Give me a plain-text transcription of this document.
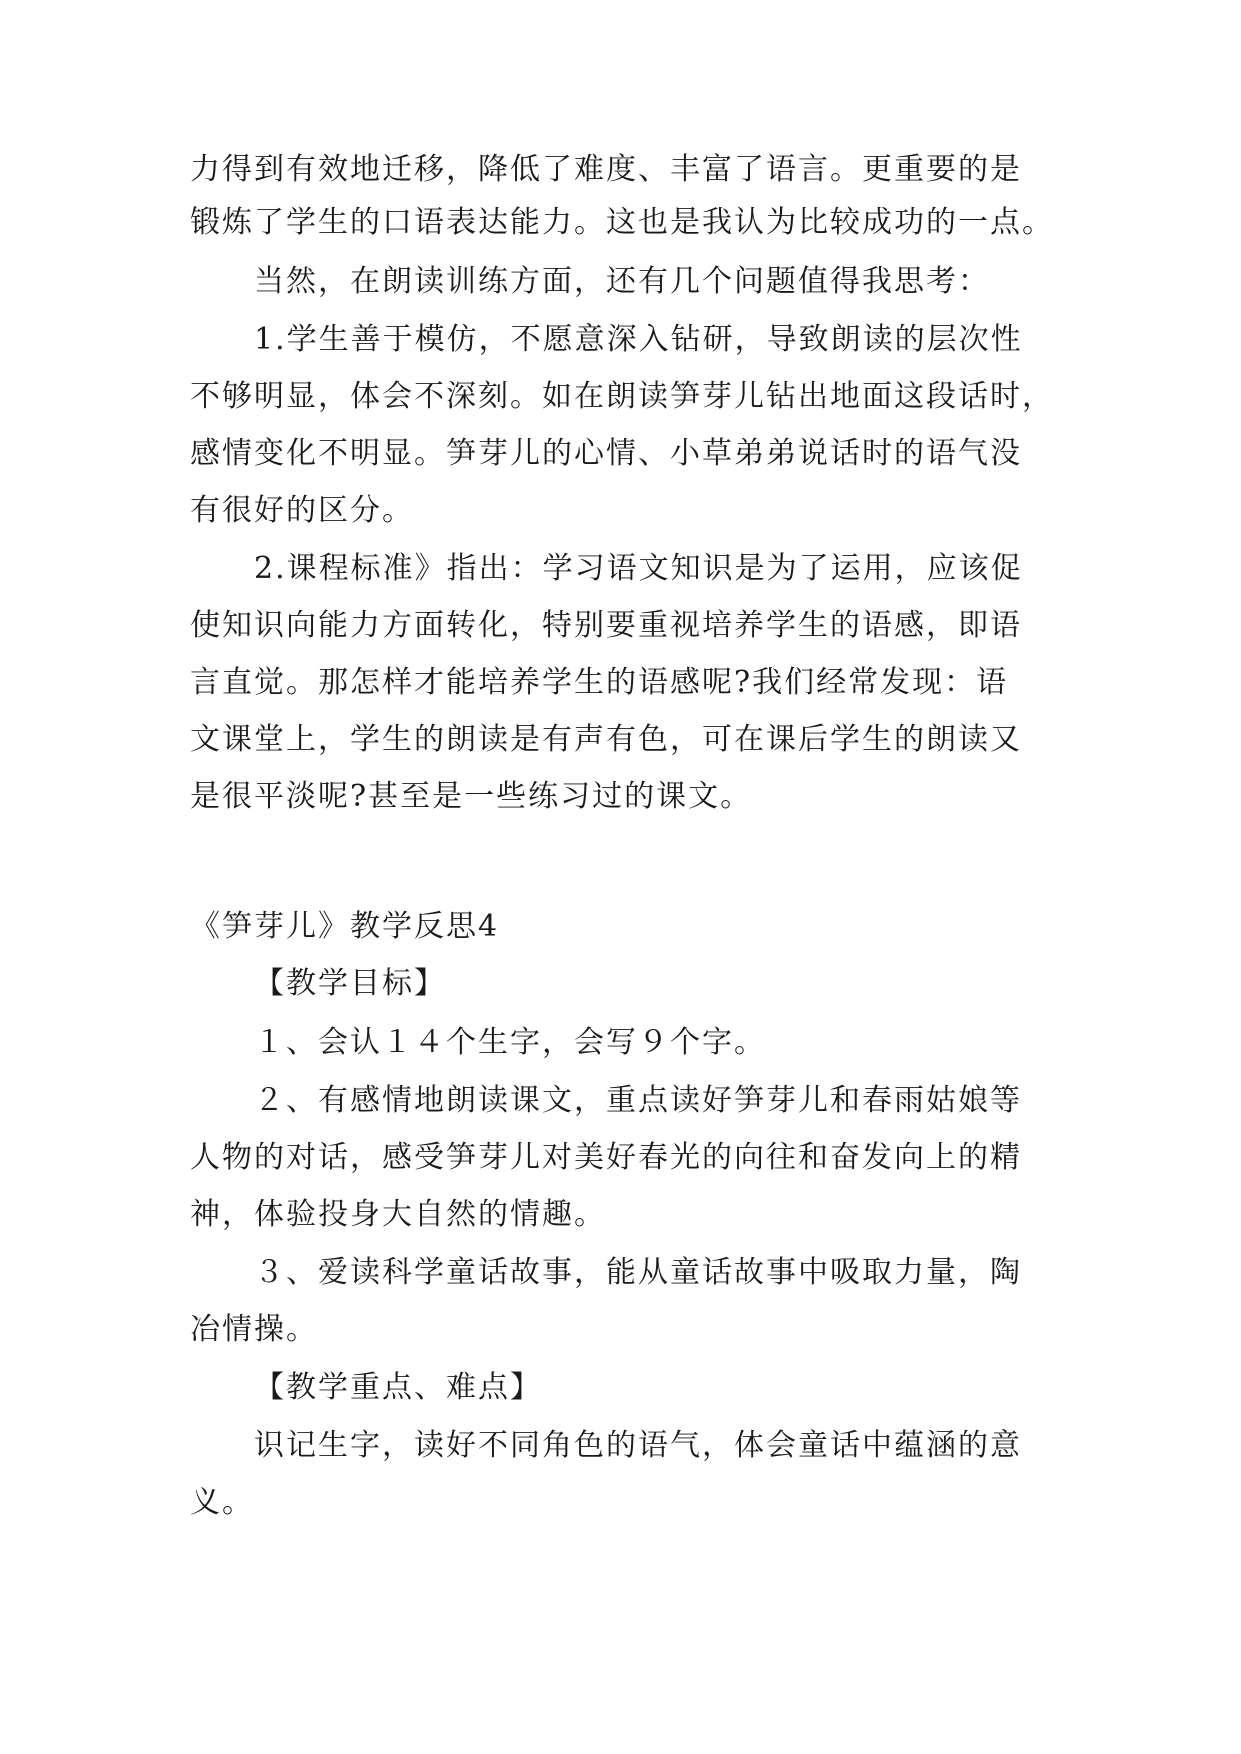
力得到有效地迁移，降低了难度、丰富了语言。更重要的是
锻炼了学生的口语表达能力。这也是我认为比较成功的一点。
当然，在朗读训练方面，还有几个问题值得我思考：
1.学生善于模仿，不愿意深入钻研，导致朗读的层次性
不够明显，体会不深刻。如在朗读笋芽儿钻出地面这段话时，
感情变化不明显。笋芽儿的心情、小草弟弟说话时的语气没
有很好的区分。
2.课程标准》指出：学习语文知识是为了运用，应该促
使知识向能力方面转化，特别要重视培养学生的语感，即语
言直觉。那怎样才能培养学生的语感呢?我们经常发现：语
文课堂上，学生的朗读是有声有色，可在课后学生的朗读又
是很平淡呢?甚至是一些练习过的课文。
《笋芽儿》教学反思4
【教学目标】
１、会认１４个生字，会写９个字。
２、有感情地朗读课文，重点读好笋芽儿和春雨姑娘等
人物的对话，感受笋芽儿对美好春光的向往和奋发向上的精
神，体验投身大自然的情趣。
３、爱读科学童话故事，能从童话故事中吸取力量，陶
冶情操。
【教学重点、难点】
识记生字，读好不同角色的语气，体会童话中蕴涵的意
义。
